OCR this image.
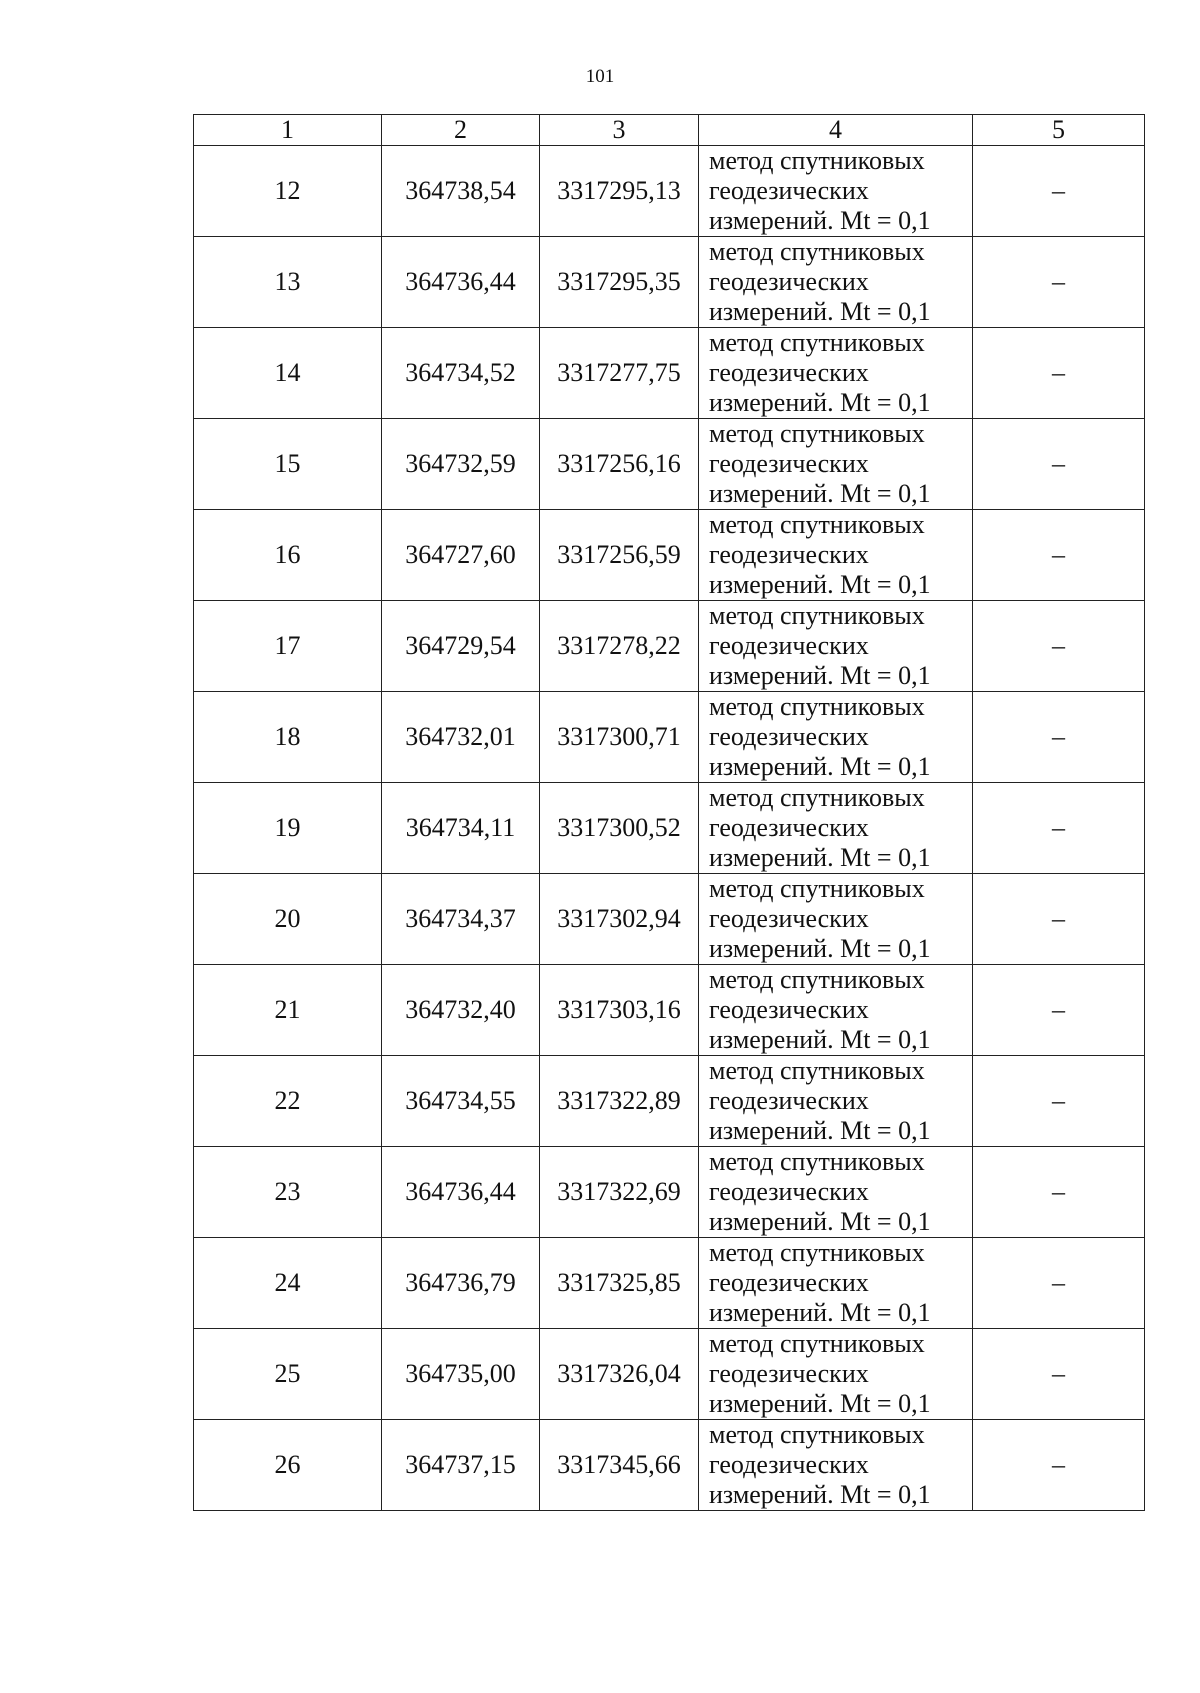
101
1	2	3	4	5
12	364738,54	3317295,13	метод спутниковых
геодезических
измерений. Mt = 0,1	–
13	364736,44	3317295,35	метод спутниковых
геодезических
измерений. Mt = 0,1	–
14	364734,52	3317277,75	метод спутниковых
геодезических
измерений. Mt = 0,1	–
15	364732,59	3317256,16	метод спутниковых
геодезических
измерений. Mt = 0,1	–
16	364727,60	3317256,59	метод спутниковых
геодезических
измерений. Mt = 0,1	–
17	364729,54	3317278,22	метод спутниковых
геодезических
измерений. Mt = 0,1	–
18	364732,01	3317300,71	метод спутниковых
геодезических
измерений. Mt = 0,1	–
19	364734,11	3317300,52	метод спутниковых
геодезических
измерений. Mt = 0,1	–
20	364734,37	3317302,94	метод спутниковых
геодезических
измерений. Mt = 0,1	–
21	364732,40	3317303,16	метод спутниковых
геодезических
измерений. Mt = 0,1	–
22	364734,55	3317322,89	метод спутниковых
геодезических
измерений. Mt = 0,1	–
23	364736,44	3317322,69	метод спутниковых
геодезических
измерений. Mt = 0,1	–
24	364736,79	3317325,85	метод спутниковых
геодезических
измерений. Mt = 0,1	–
25	364735,00	3317326,04	метод спутниковых
геодезических
измерений. Mt = 0,1	–
26	364737,15	3317345,66	метод спутниковых
геодезических
измерений. Mt = 0,1	–
